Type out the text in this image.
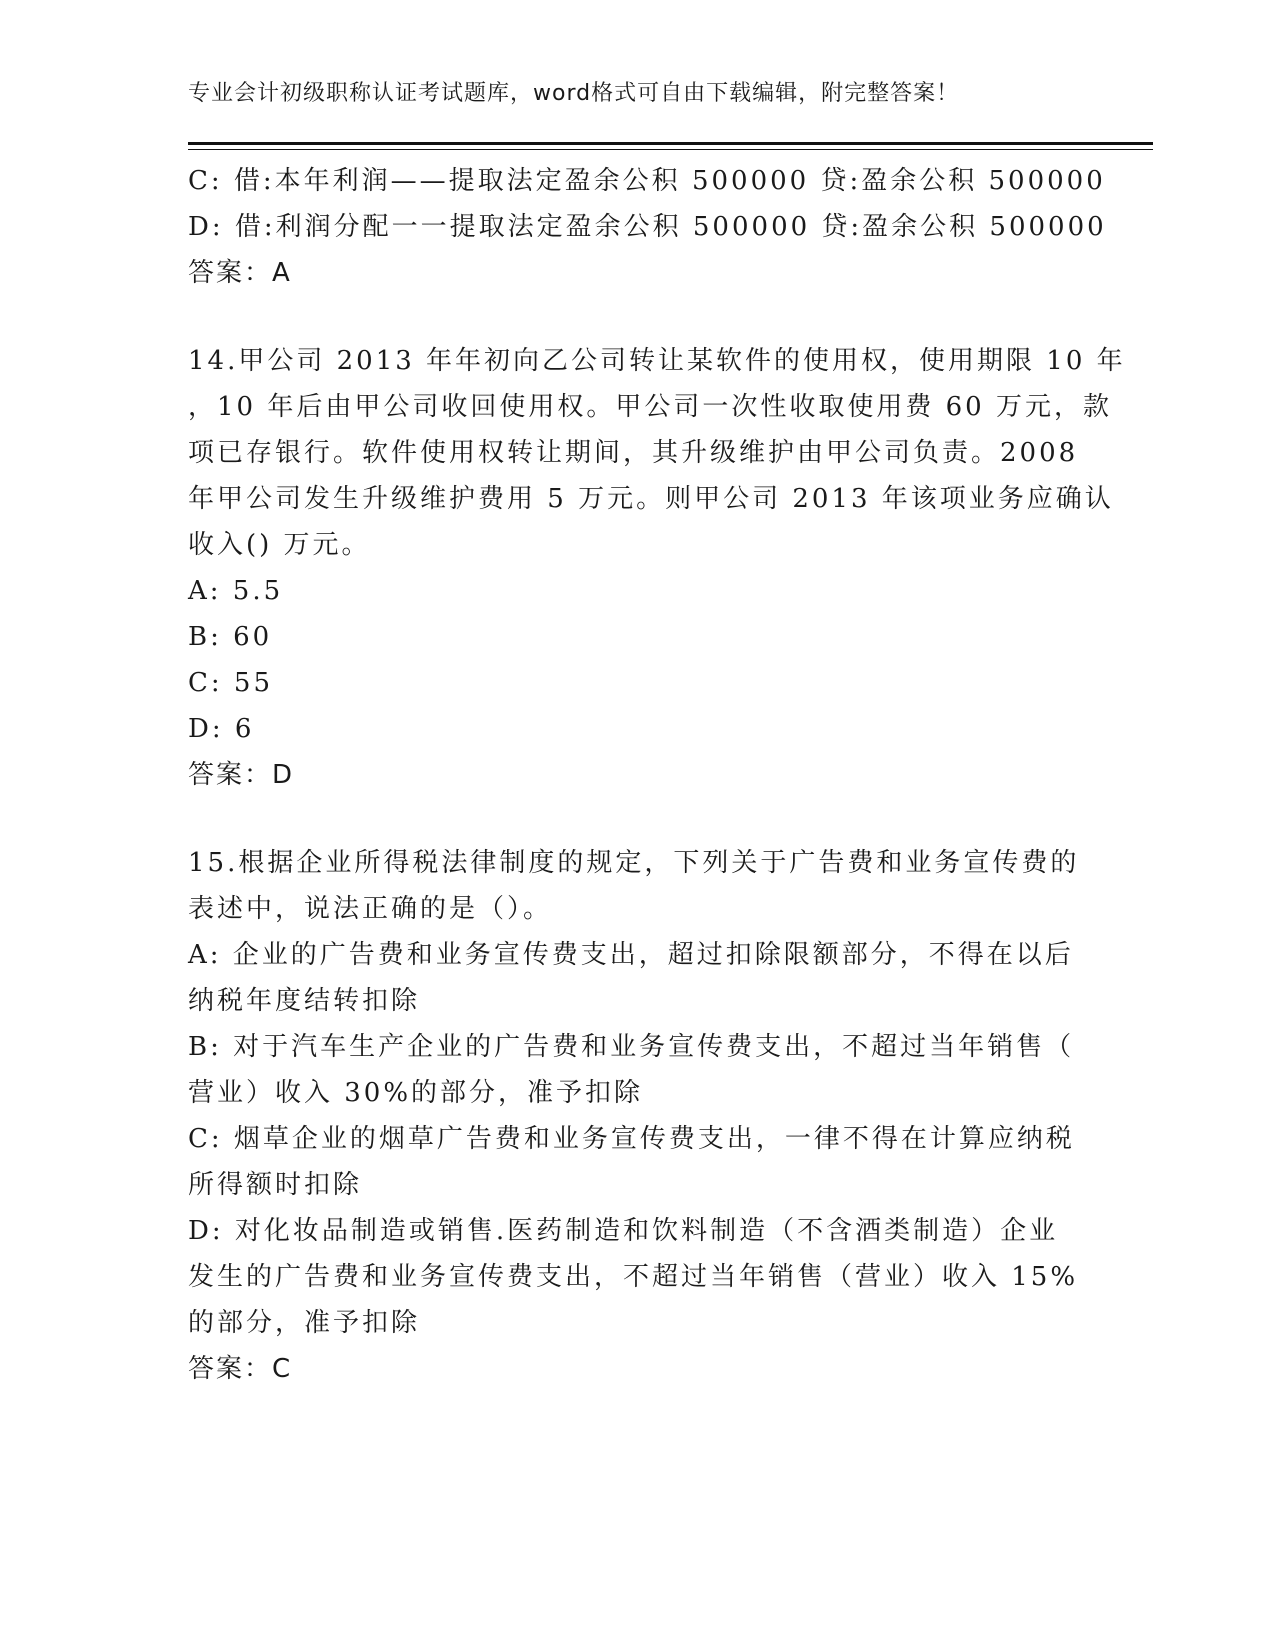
专业会计初级职称认证考试题库，word格式可自由下载编辑，附完整答案！
C: 借:本年利润——提取法定盈余公积 500000 贷:盈余公积 500000
D: 借:利润分配一一提取法定盈余公积 500000 贷:盈余公积 500000
答案：A
14.甲公司 2013 年年初向乙公司转让某软件的使用权，使用期限 10 年
，10 年后由甲公司收回使用权。甲公司一次性收取使用费 60 万元，款
项已存银行。软件使用权转让期间，其升级维护由甲公司负责。2008
年甲公司发生升级维护费用 5 万元。则甲公司 2013 年该项业务应确认
收入() 万元。
A: 5.5
B: 60
C: 55
D: 6
答案：D
15.根据企业所得税法律制度的规定，下列关于广告费和业务宣传费的
表述中，说法正确的是（）。
A: 企业的广告费和业务宣传费支出，超过扣除限额部分，不得在以后
纳税年度结转扣除
B: 对于汽车生产企业的广告费和业务宣传费支出，不超过当年销售（
营业）收入 30%的部分，准予扣除
C: 烟草企业的烟草广告费和业务宣传费支出，一律不得在计算应纳税
所得额时扣除
D: 对化妆品制造或销售.医药制造和饮料制造（不含酒类制造）企业
发生的广告费和业务宣传费支出，不超过当年销售（营业）收入 15%
的部分，准予扣除
答案：C
